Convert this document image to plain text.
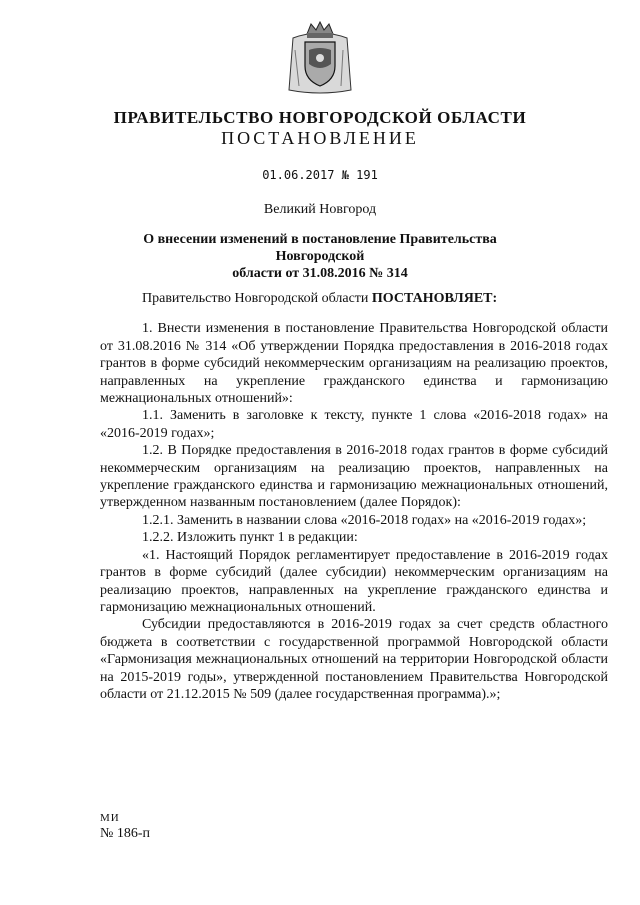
ПРАВИТЕЛЬСТВО НОВГОРОДСКОЙ ОБЛАСТИ
ПОСТАНОВЛЕНИЕ
01.06.2017 № 191
Великий Новгород
О внесении изменений в постановление Правительства Новгородской
области от 31.08.2016 № 314

Правительство Новгородской области ПОСТАНОВЛЯЕТ:

1. Внести изменения в постановление Правительства Новгородской области от 31.08.2016 № 314 «Об утверждении Порядка предоставления в 2016-2018 годах грантов в форме субсидий некоммерческим организациям на реализацию проектов, направленных на укрепление гражданского единства и гармонизацию межнациональных отношений»:

1.1. Заменить в заголовке к тексту, пункте 1 слова «2016-2018 годах» на «2016-2019 годах»;

1.2. В Порядке предоставления в 2016-2018 годах грантов в форме субсидий некоммерческим организациям на реализацию проектов, направленных на укрепление гражданского единства и гармонизацию межнациональных отношений, утвержденном названным постановлением (далее Порядок):

1.2.1. Заменить в названии слова «2016-2018 годах» на «2016-2019 годах»;

1.2.2. Изложить пункт 1 в редакции:

«1. Настоящий Порядок регламентирует предоставление в 2016-2019 годах грантов в форме субсидий (далее субсидии) некоммерческим организациям на реализацию проектов, направленных на укрепление гражданского единства и гармонизацию межнациональных отношений.

Субсидии предоставляются в 2016-2019 годах за счет средств областного бюджета в соответствии с государственной программой Новгородской области «Гармонизация межнациональных отношений на территории Новгородской области на 2015-2019 годы», утвержденной постановлением Правительства Новгородской области от 21.12.2015 № 509 (далее государственная программа).»;

МИ
№ 186-п
